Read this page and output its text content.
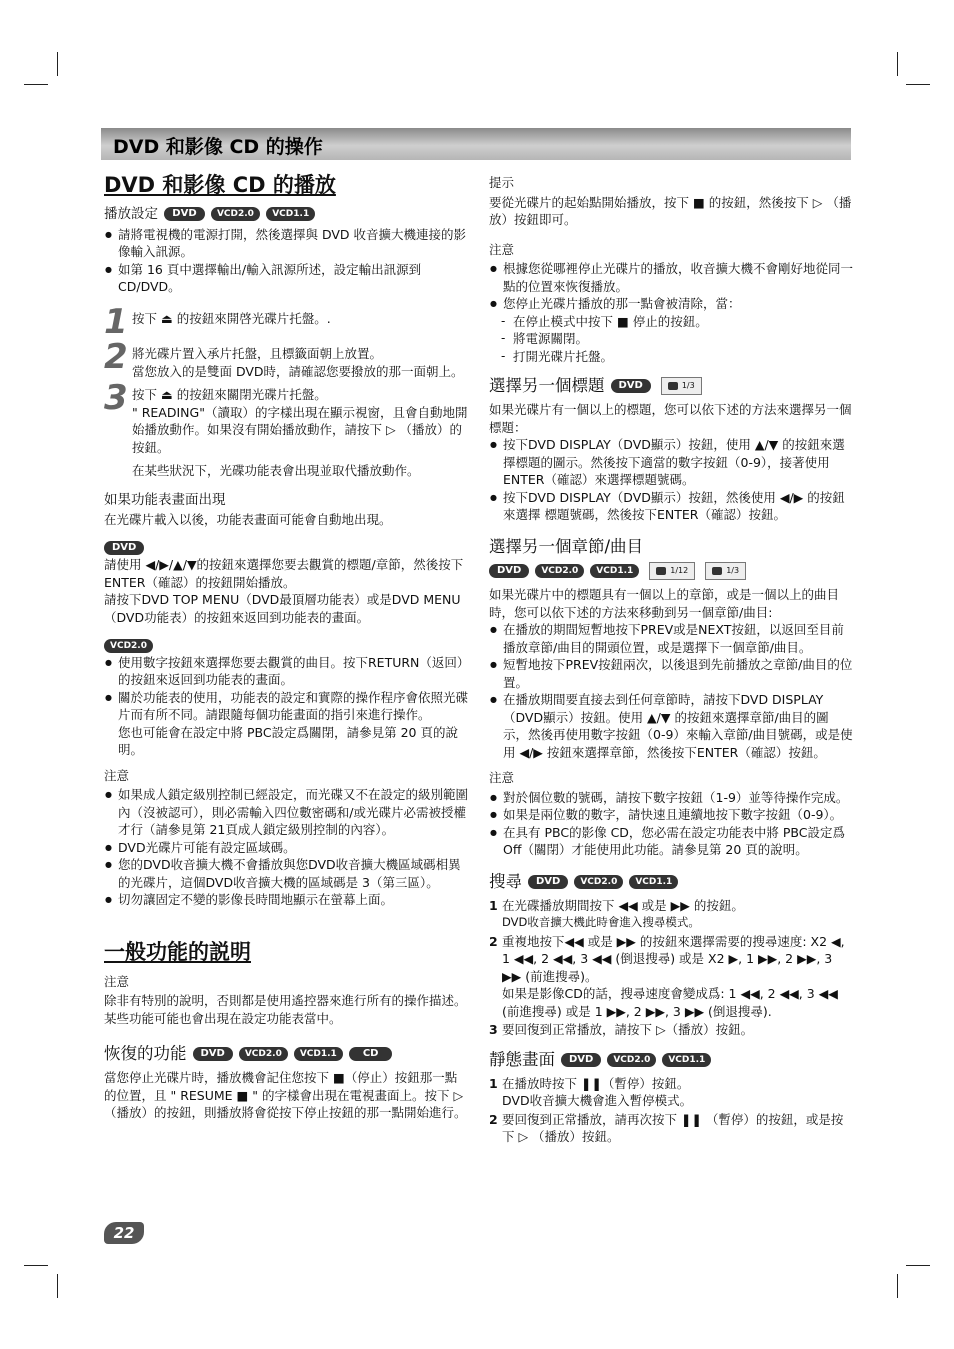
DVD 和影像 CD 的操作
DVD 和影像 CD 的播放
播放設定 DVD VCD2.0 VCD1.1
● 請將電視機的電源打開，然後選擇與 DVD 收音擴大機連接的影像輸入訊源。
● 如第 16 頁中選擇輸出/輸入訊源所述，設定輸出訊源到CD/DVD。
1 按下 ⏏ 的按鈕來開啓光碟片托盤。.

2 將光碟片置入承片托盤，且標籤面朝上放置。

當您放入的是雙面 DVD時，請確認您要撥放的那一面朝上。

3 按下 ⏏ 的按鈕來關閉光碟片托盤。

" READING"（讀取）的字樣出現在顯示視窗，且會自動地開始播放動作。如果沒有開始播放動作，請按下 ▷ （播放）的按鈕。

在某些狀況下，光碟功能表會出現並取代播放動作。

如果功能表畫面出現

在光碟片載入以後，功能表畫面可能會自動地出現。

DVD

請使用 ◀/▶/▲/▼的按鈕來選擇您要去觀賞的標題/章節，然後按下ENTER（確認）的按鈕開始播放。

請按下DVD TOP MENU（DVD最頂層功能表）或是DVD MENU（DVD功能表）的按鈕來返回到功能表的畫面。

VCD2.0
● 使用數字按鈕來選擇您要去觀賞的曲目。按下RETURN（返回）的按鈕來返回到功能表的畫面。
● 關於功能表的使用，功能表的設定和實際的操作程序會依照光碟片而有所不同。請跟隨每個功能畫面的指引來進行操作。

您也可能會在設定中將 PBC設定爲關閉，請參見第 20 頁的說明。

注意
● 如果成人鎖定級別控制已經設定，而光碟又不在設定的級別範圍內（沒被認可），則必需輸入四位數密碼和/或光碟片必需被授權才行（請參見第 21頁成人鎖定級別控制的內容）。
● DVD光碟片可能有設定區域碼。
● 您的DVD收音擴大機不會播放與您DVD收音擴大機區域碼相異的光碟片，這個DVD收音擴大機的區域碼是 3（第三區）。
● 切勿讓固定不變的影像長時間地顯示在螢幕上面。
一般功能的説明
注意

除非有特別的說明，否則都是使用遙控器來進行所有的操作描述。某些功能可能也會出現在設定功能表當中。

恢復的功能	DVD	VCD2.0	VCD1.1	CD

當您停止光碟片時，播放機會記住您按下 ■（停止）按鈕那一點的位置，且 " RESUME ■ " 的字樣會出現在電視畫面上。按下 ▷（播放）的按鈕，則播放將會從按下停止按鈕的那一點開始進行。

提示

要從光碟片的起始點開始播放，按下 ■ 的按鈕，然後按下 ▷ （播放）按鈕即可。

注意
● 根據您從哪裡停止光碟片的播放，收音擴大機不會剛好地從同一點的位置來恢復播放。
● 您停止光碟片播放的那一點會被清除，當：
- 在停止模式中按下 ■ 停止的按鈕。
- 將電源關閉。
- 打開光碟片托盤。
選擇另一個標題	DVD	1/3

如果光碟片有一個以上的標題，您可以依下述的方法來選擇另一個標題：

● 按下DVD DISPLAY（DVD顯示）按鈕，使用 ▲/▼ 的按鈕來選擇標題的圖示。然後按下適當的數字按鈕（0-9），接著使用ENTER（確認）來選擇標題號碼。
● 按下DVD DISPLAY（DVD顯示）按鈕，然後使用 ◀/▶ 的按鈕來選擇 標題號碼，然後按下ENTER（確認）按鈕。
選擇另一個章節/曲目
DVD VCD2.0 VCD1.1	1/12	1/3

如果光碟片中的標題具有一個以上的章節，或是一個以上的曲目時，您可以依下述的方法來移動到另一個章節/曲目:

● 在播放的期間短暫地按下PREV或是NEXT按鈕，以返回至目前播放章節/曲目的開頭位置，或是選擇下一個章節/曲目。
● 短暫地按下PREV按鈕兩次，以後退到先前播放之章節/曲目的位置。
● 在播放期間要直接去到任何章節時，請按下DVD DISPLAY（DVD顯示）按鈕。使用 ▲/▼ 的按鈕來選擇章節/曲目的圖示，然後再使用數字按鈕（0-9）來輸入章節/曲目號碼，或是使用 ◀/▶ 按鈕來選擇章節，然後按下ENTER（確認）按鈕。
注意
● 對於個位數的號碼，請按下數字按鈕（1-9）並等待操作完成。
● 如果是兩位數的數字，請快速且連續地按下數字按鈕（0-9）。
● 在具有 PBC的影像 CD，您必需在設定功能表中將 PBC設定爲 Off（關閉）才能使用此功能。請參見第 20 頁的說明。
搜尋	DVD	VCD2.0	VCD1.1
1 在光碟播放期間按下 ◀◀ 或是 ▶▶ 的按鈕。

DVD收音擴大機此時會進入搜尋模式。

2 重複地按下◀◀ 或是 ▶▶ 的按鈕來選擇需要的搜尋速度: X2 ◀, 1 ◀◀, 2 ◀◀, 3 ◀◀ (倒退搜尋) 或是 X2 ▶, 1 ▶▶, 2 ▶▶, 3 ▶▶ (前進搜尋)。

如果是影像CD的話，搜尋速度會變成爲: 1 ◀◀, 2 ◀◀, 3 ◀◀ (前進搜尋) 或是 1 ▶▶, 2 ▶▶, 3 ▶▶ (倒退搜尋).

3 要回復到正常播放，請按下 ▷（播放）按鈕。

靜態畫面	DVD	VCD2.0	VCD1.1
1 在播放時按下 ❚❚（暫停）按鈕。

DVD收音擴大機會進入暫停模式。

2 要回復到正常播放，請再次按下 ❚❚ （暫停）的按鈕，或是按下 ▷ （播放）按鈕。

22
